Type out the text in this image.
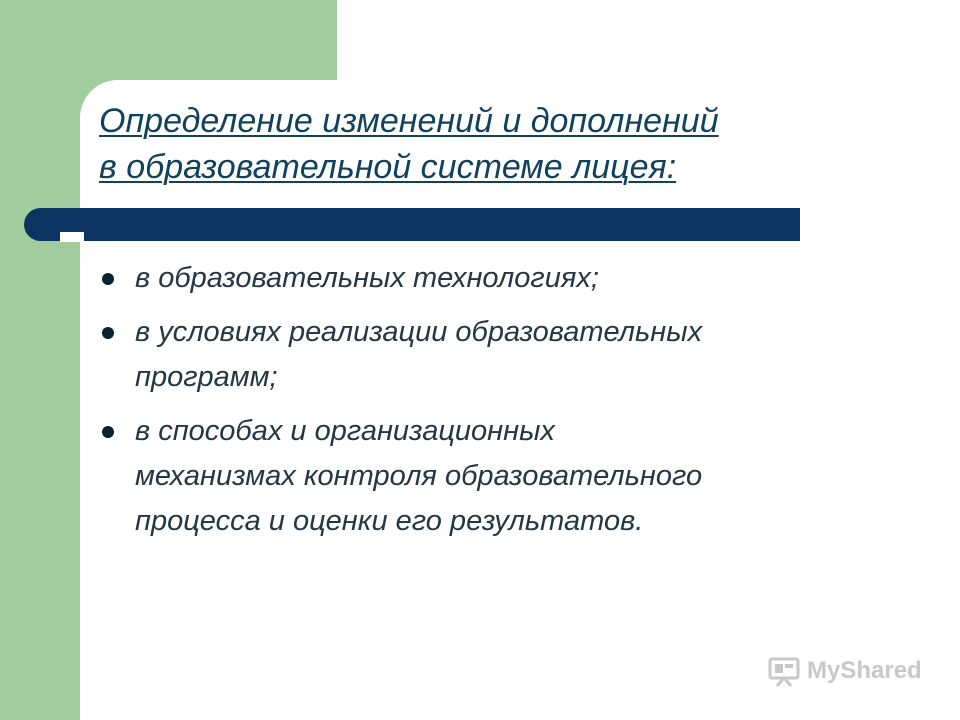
Определение изменений и дополнений
в образовательной системе лицея:
в образовательных технологиях;
в условиях реализации образовательных
программ;
в способах и организационных
механизмах контроля образовательного
процесса и оценки его результатов.
MyShared
